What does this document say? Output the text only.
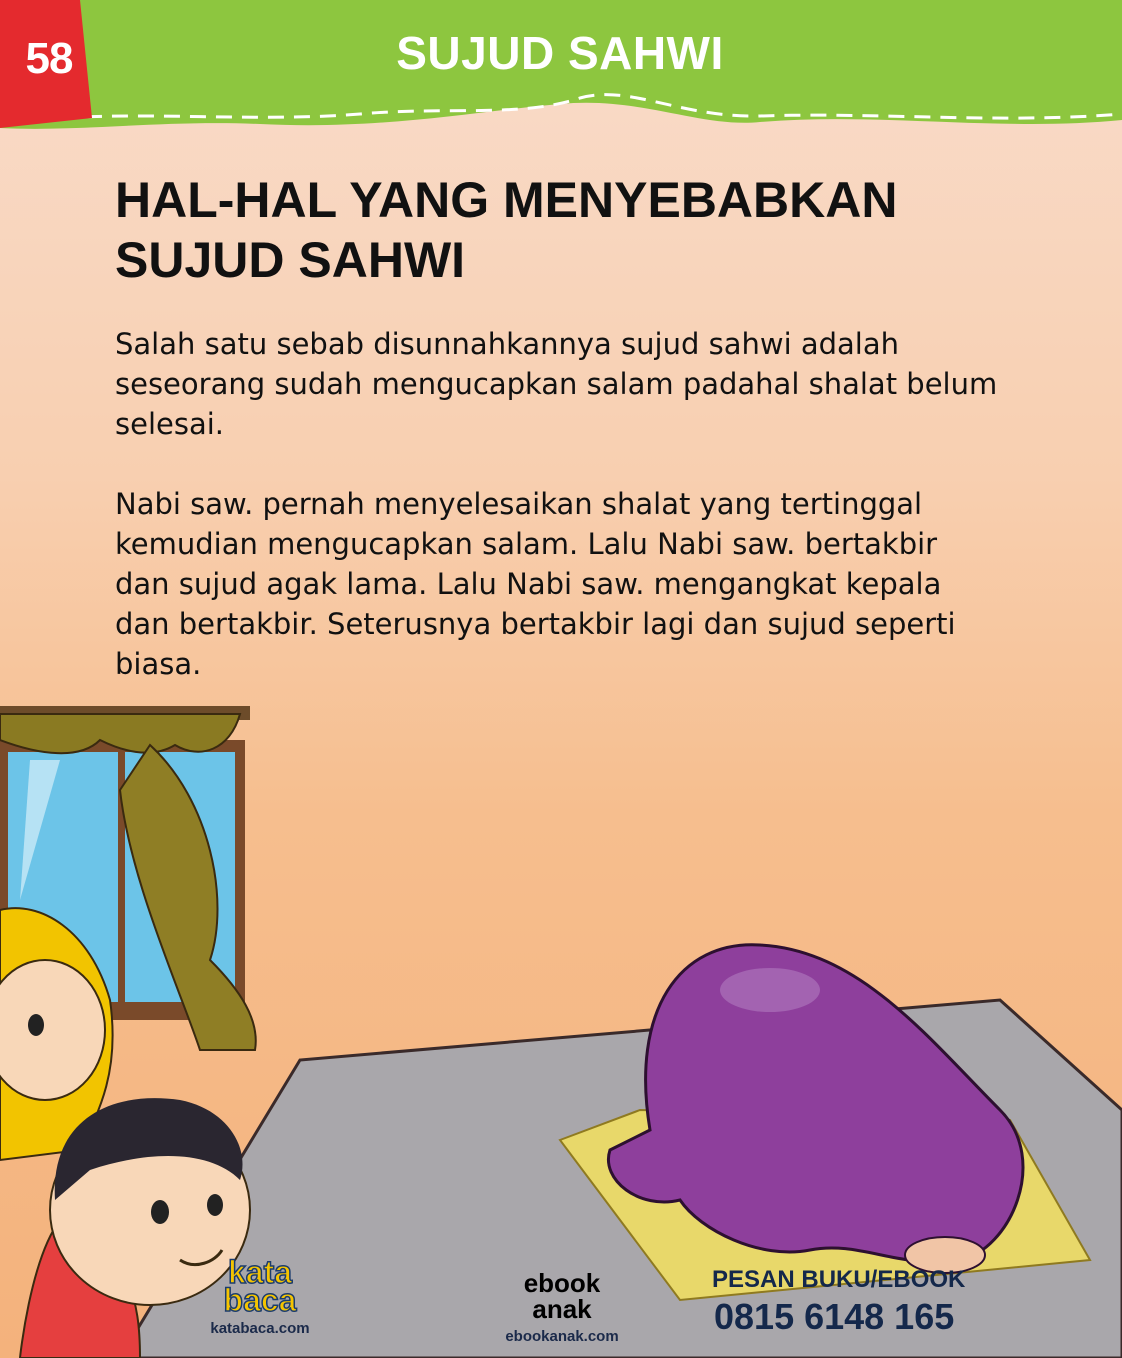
58	SUJUD SAHWI
HAL-HAL YANG MENYEBABKAN
SUJUD SAHWI

Salah satu sebab disunnahkannya sujud sahwi adalah
seseorang sudah mengucapkan salam padahal shalat belum
selesai.

Nabi saw. pernah menyelesaikan shalat yang tertinggal
kemudian mengucapkan salam. Lalu Nabi saw. bertakbir
dan sujud agak lama. Lalu Nabi saw. mengangkat kepala
dan bertakbir. Seterusnya bertakbir lagi dan sujud seperti
biasa.

kata baca
katabaca.com
ebook anak
ebookanak.com
PESAN BUKU/EBOOK
0815 6148 165
